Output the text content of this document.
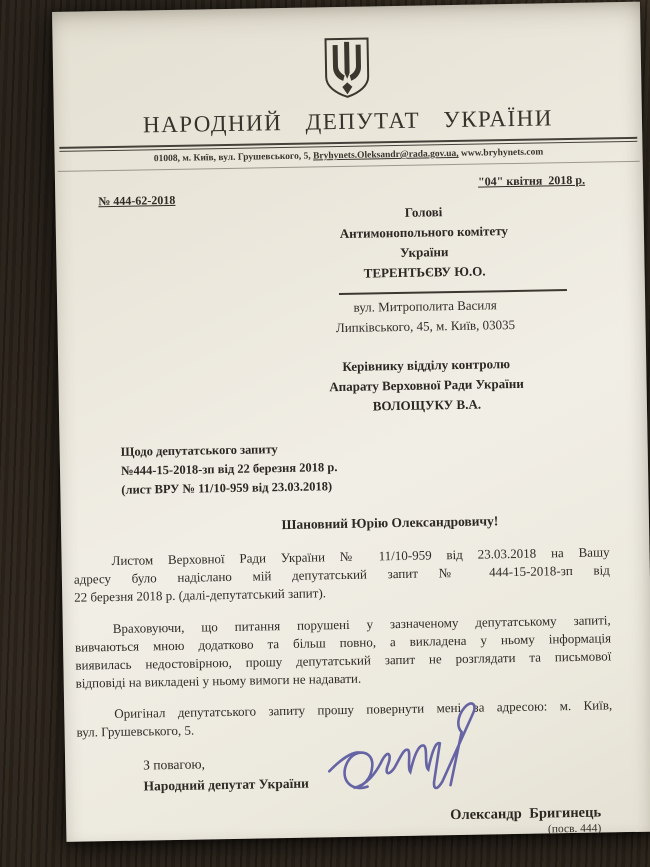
НАРОДНИЙ ДЕПУТАТ УКРАЇНИ
01008, м. Київ, вул. Грушевського, 5, Bryhynets.Oleksandr@rada.gov.ua, www.bryhynets.com
№ 444-62-2018
"04" квітня  2018 р.
Голові
Антимонопольного комітету
України
ТЕРЕНТЬЄВУ Ю.О.
вул. Митрополита Василя
Липківського, 45, м. Київ, 03035
Керівнику відділу контролю
Апарату Верховної Ради України
ВОЛОЩУКУ В.А.
Щодо депутатського запиту
№444-15-2018-зп від 22 березня 2018 р.
(лист ВРУ № 11/10-959 від 23.03.2018)
Шановний Юрію Олександровичу!
Листом Верховної Ради України № 11/10-959 від 23.03.2018 на Вашу
адресу було надіслано мій депутатський запит № 444-15-2018-зп від
22 березня 2018 р. (далі-депутатський запит).
Враховуючи, що питання порушені у зазначеному депутатському запиті,
вивчаються мною додатково та більш повно, а викладена у ньому інформація
виявилась недостовірною, прошу депутатський запит не розглядати та письмової
відповіді на викладені у ньому вимоги не надавати.
Оригінал депутатського запиту прошу повернути мені за адресою: м. Київ,
вул. Грушевського, 5.
З повагою,
Народний депутат України
Олександр Бригинець
(посв. 444)
